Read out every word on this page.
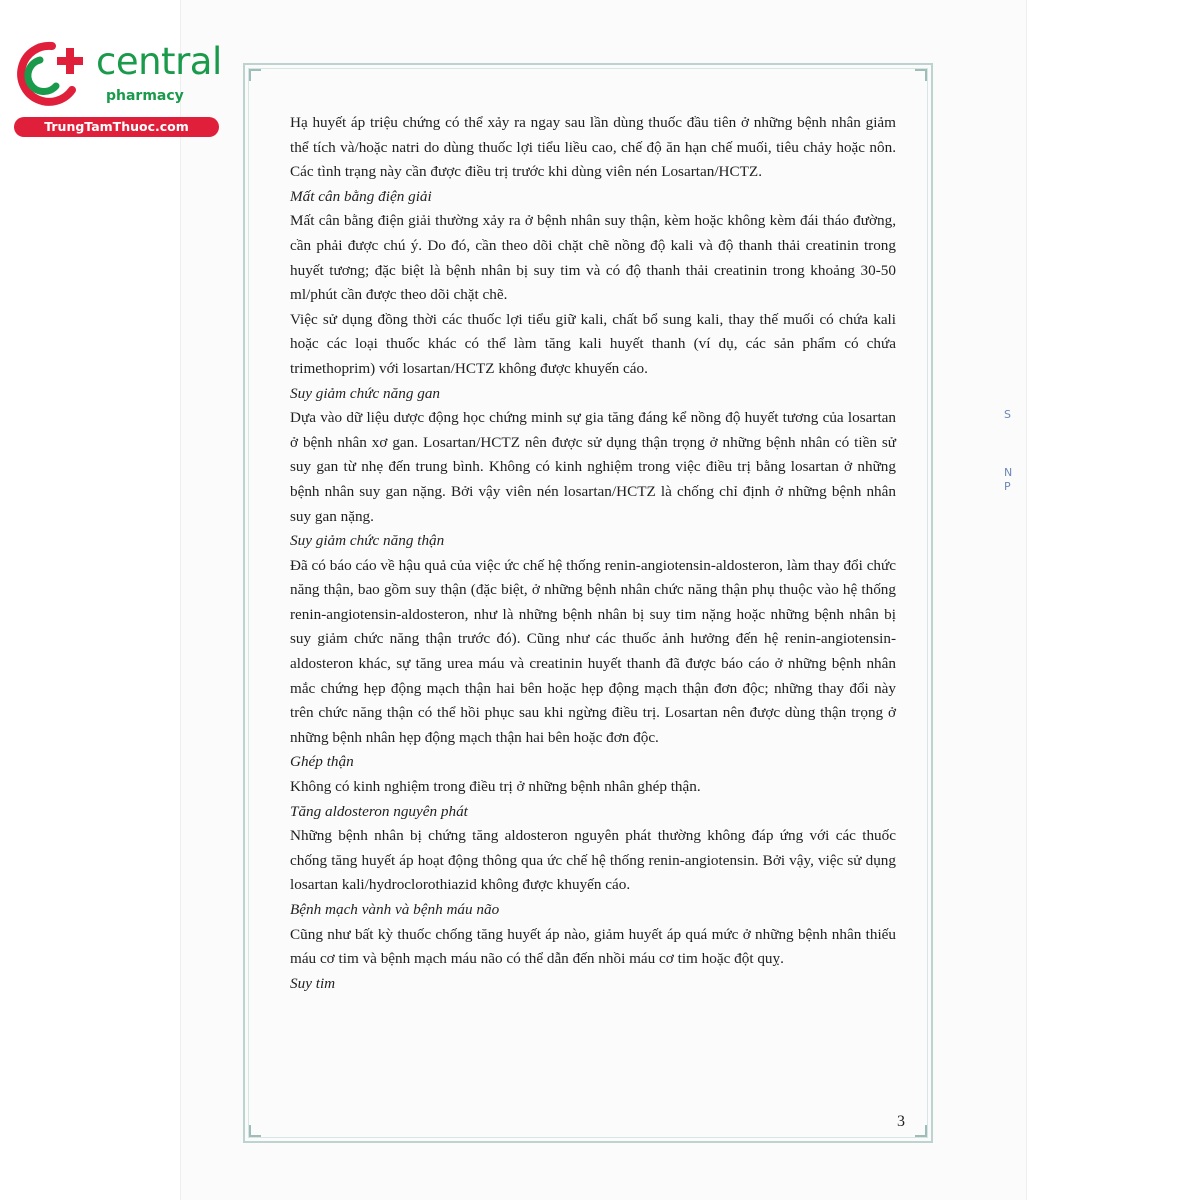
central
pharmacy
TrungTamThuoc.com	Hạ huyết áp triệu chứng có thể xảy ra ngay sau lần dùng thuốc đầu tiên ở những bệnh nhân giảm thể tích và/hoặc natri do dùng thuốc lợi tiểu liều cao, chế độ ăn hạn chế muối, tiêu chảy hoặc nôn. Các tình trạng này cần được điều trị trước khi dùng viên nén Losartan/HCTZ.

Mất cân bằng điện giải

Mất cân bằng điện giải thường xảy ra ở bệnh nhân suy thận, kèm hoặc không kèm đái tháo đường, cần phải được chú ý. Do đó, cần theo dõi chặt chẽ nồng độ kali và độ thanh thải creatinin trong huyết tương; đặc biệt là bệnh nhân bị suy tim và có độ thanh thải creatinin trong khoảng 30-50 ml/phút cần được theo dõi chặt chẽ.

Việc sử dụng đồng thời các thuốc lợi tiểu giữ kali, chất bổ sung kali, thay thế muối có chứa kali hoặc các loại thuốc khác có thể làm tăng kali huyết thanh (ví dụ, các sản phẩm có chứa trimethoprim) với losartan/HCTZ không được khuyến cáo.

Suy giảm chức năng gan

Dựa vào dữ liệu dược động học chứng minh sự gia tăng đáng kể nồng độ huyết tương của losartan ở bệnh nhân xơ gan. Losartan/HCTZ nên được sử dụng thận trọng ở những bệnh nhân có tiền sử suy gan từ nhẹ đến trung bình. Không có kinh nghiệm trong việc điều trị bằng losartan ở những bệnh nhân suy gan nặng. Bởi vậy viên nén losartan/HCTZ là chống chỉ định ở những bệnh nhân suy gan nặng.

Suy giảm chức năng thận

Đã có báo cáo về hậu quả của việc ức chế hệ thống renin-angiotensin-aldosteron, làm thay đổi chức năng thận, bao gồm suy thận (đặc biệt, ở những bệnh nhân chức năng thận phụ thuộc vào hệ thống renin-angiotensin-aldosteron, như là những bệnh nhân bị suy tim nặng hoặc những bệnh nhân bị suy giảm chức năng thận trước đó). Cũng như các thuốc ảnh hưởng đến hệ renin-angiotensin-aldosteron khác, sự tăng urea máu và creatinin huyết thanh đã được báo cáo ở những bệnh nhân mắc chứng hẹp động mạch thận hai bên hoặc hẹp động mạch thận đơn độc; những thay đổi này trên chức năng thận có thể hồi phục sau khi ngừng điều trị. Losartan nên được dùng thận trọng ở những bệnh nhân hẹp động mạch thận hai bên hoặc đơn độc.

Ghép thận

Không có kinh nghiệm trong điều trị ở những bệnh nhân ghép thận.

Tăng aldosteron nguyên phát

Những bệnh nhân bị chứng tăng aldosteron nguyên phát thường không đáp ứng với các thuốc chống tăng huyết áp hoạt động thông qua ức chế hệ thống renin-angiotensin. Bởi vậy, việc sử dụng losartan kali/hydroclorothiazid không được khuyến cáo.

Bệnh mạch vành và bệnh máu não

Cũng như bất kỳ thuốc chống tăng huyết áp nào, giảm huyết áp quá mức ở những bệnh nhân thiếu máu cơ tim và bệnh mạch máu não có thể dẫn đến nhồi máu cơ tim hoặc đột quỵ.

Suy tim

3
S
N
P
